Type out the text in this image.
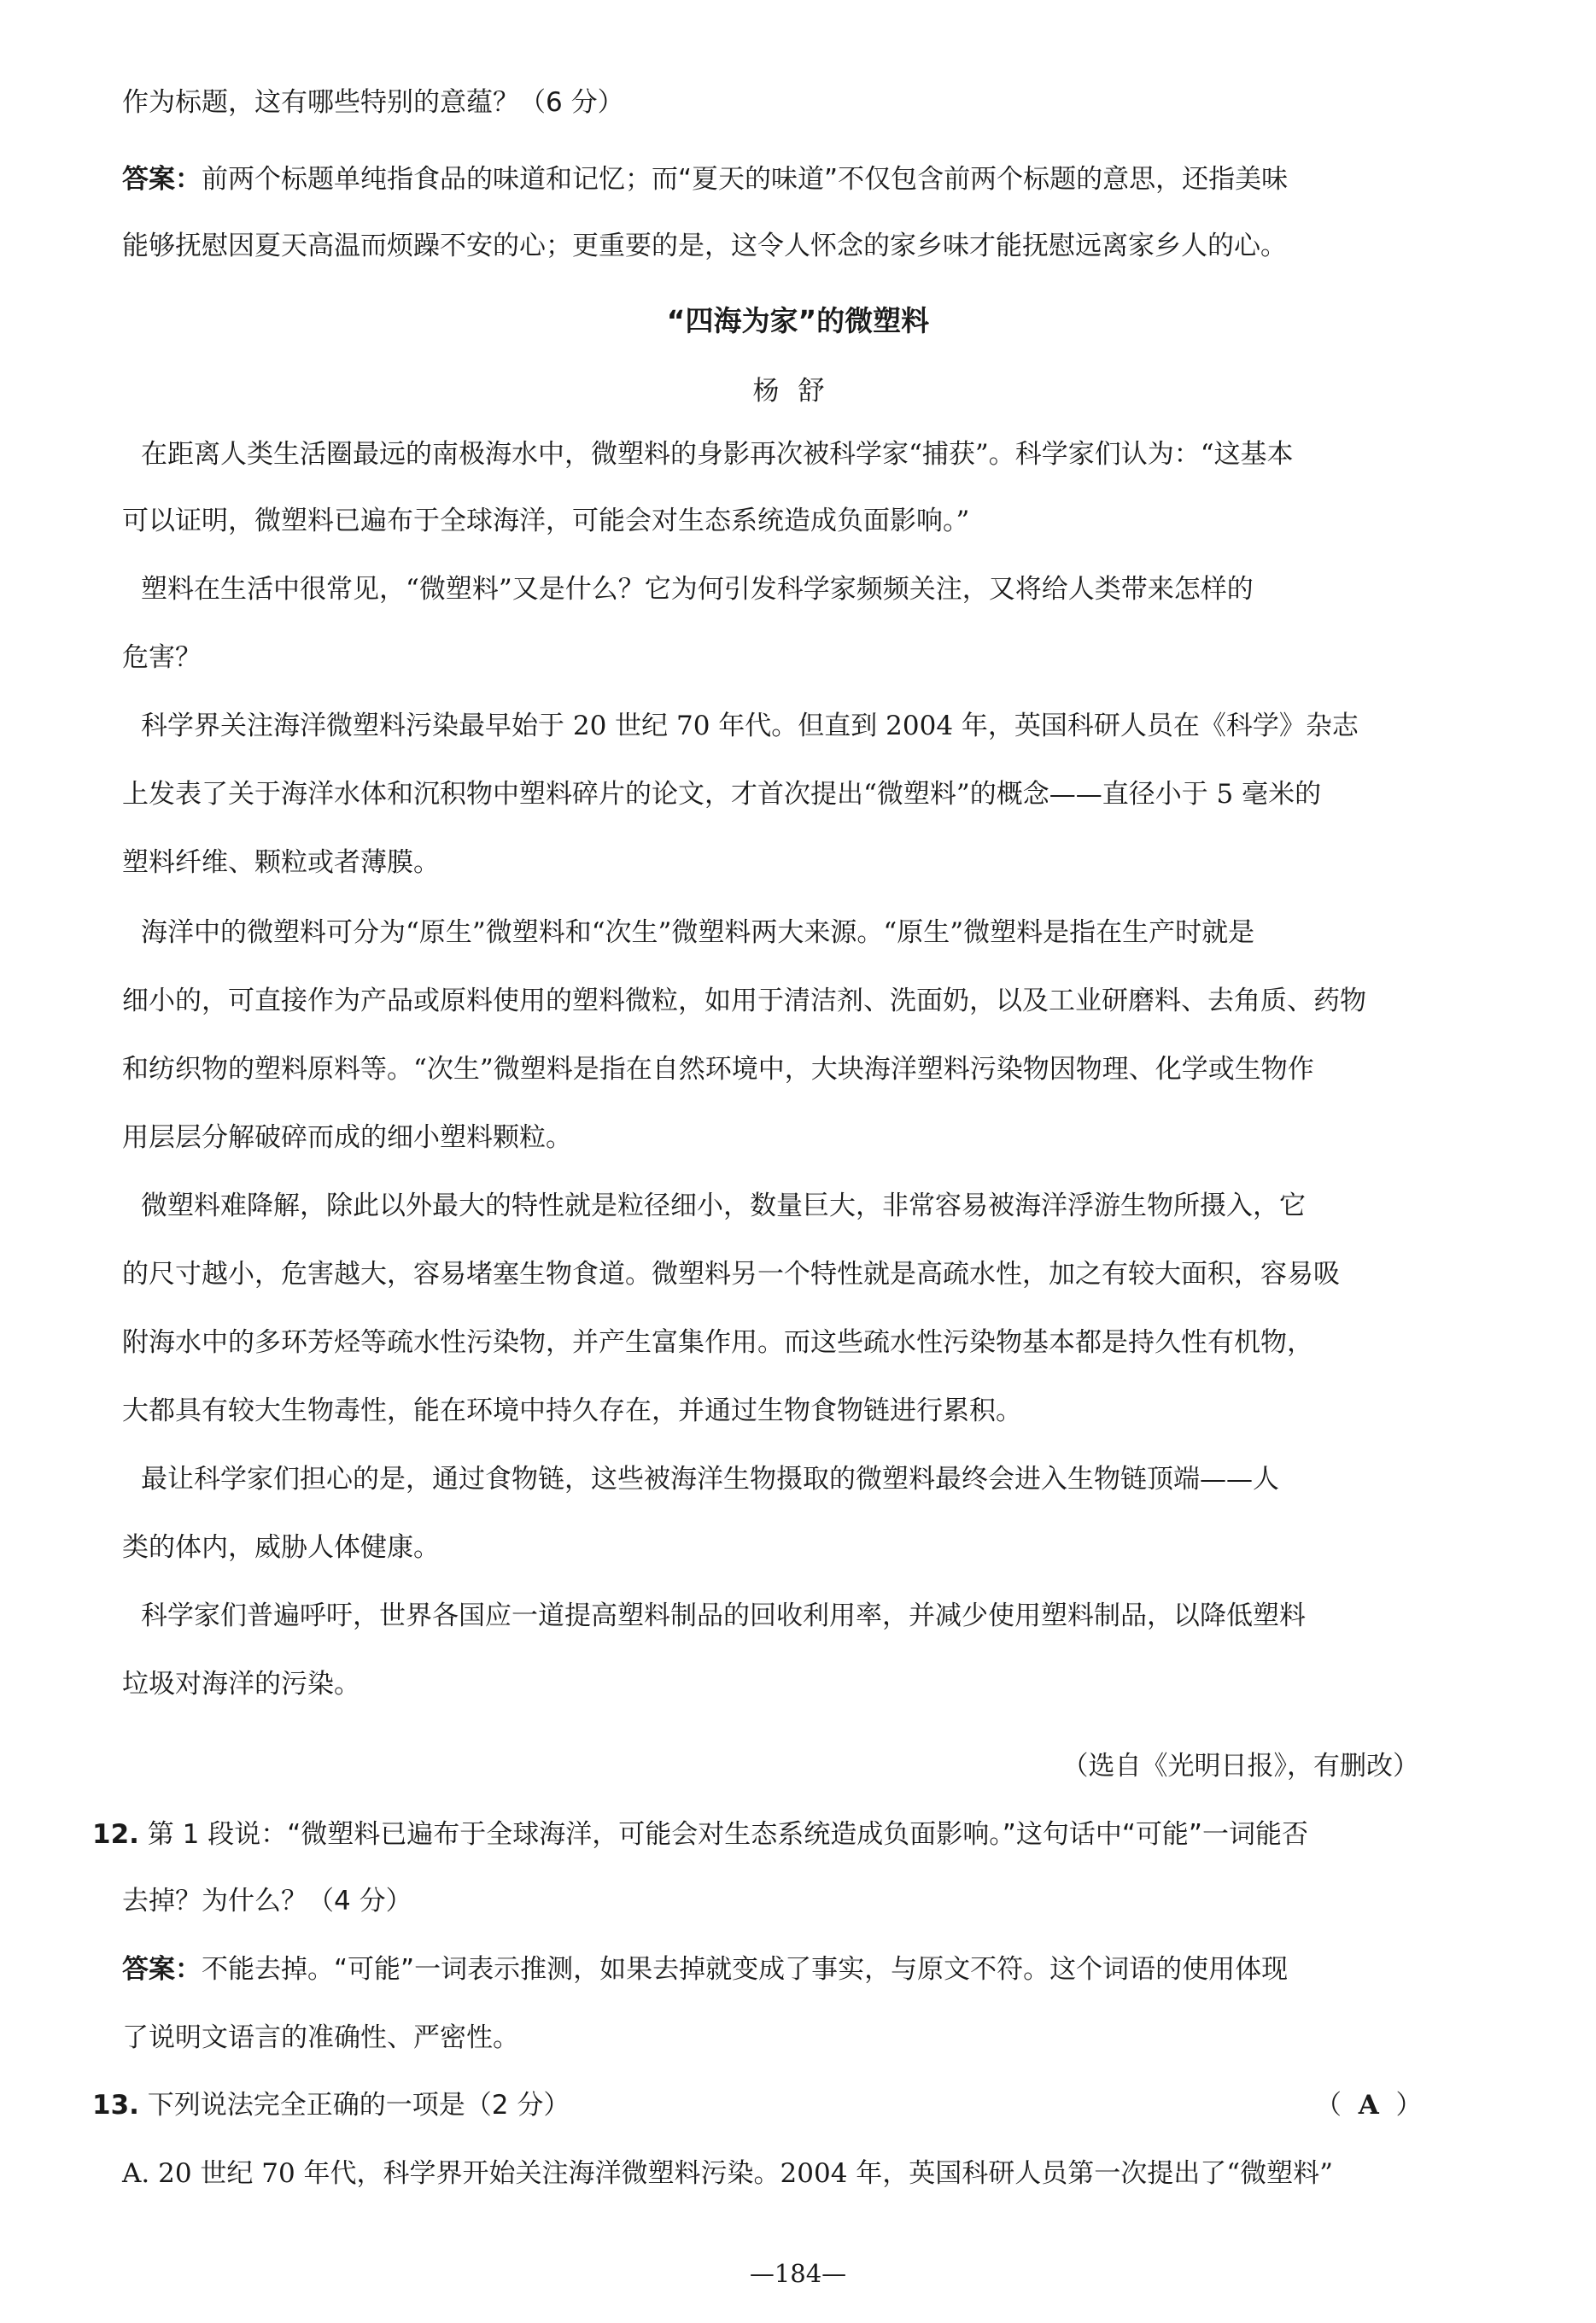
作为标题，这有哪些特别的意蕴？（6 分）
答案：前两个标题单纯指食品的味道和记忆；而“夏天的味道”不仅包含前两个标题的意思，还指美味
能够抚慰因夏天高温而烦躁不安的心；更重要的是，这令人怀念的家乡味才能抚慰远离家乡人的心。
“四海为家”的微塑料
杨舒
在距离人类生活圈最远的南极海水中，微塑料的身影再次被科学家“捕获”。科学家们认为：“这基本
可以证明，微塑料已遍布于全球海洋，可能会对生态系统造成负面影响。”
塑料在生活中很常见，“微塑料”又是什么？它为何引发科学家频频关注，又将给人类带来怎样的
危害？
科学界关注海洋微塑料污染最早始于 20 世纪 70 年代。但直到 2004 年，英国科研人员在《科学》杂志
上发表了关于海洋水体和沉积物中塑料碎片的论文，才首次提出“微塑料”的概念——直径小于 5 毫米的
塑料纤维、颗粒或者薄膜。
海洋中的微塑料可分为“原生”微塑料和“次生”微塑料两大来源。“原生”微塑料是指在生产时就是
细小的，可直接作为产品或原料使用的塑料微粒，如用于清洁剂、洗面奶，以及工业研磨料、去角质、药物
和纺织物的塑料原料等。“次生”微塑料是指在自然环境中，大块海洋塑料污染物因物理、化学或生物作
用层层分解破碎而成的细小塑料颗粒。
微塑料难降解，除此以外最大的特性就是粒径细小，数量巨大，非常容易被海洋浮游生物所摄入，它
的尺寸越小，危害越大，容易堵塞生物食道。微塑料另一个特性就是高疏水性，加之有较大面积，容易吸
附海水中的多环芳烃等疏水性污染物，并产生富集作用。而这些疏水性污染物基本都是持久性有机物，
大都具有较大生物毒性，能在环境中持久存在，并通过生物食物链进行累积。
最让科学家们担心的是，通过食物链，这些被海洋生物摄取的微塑料最终会进入生物链顶端——人
类的体内，威胁人体健康。
科学家们普遍呼吁，世界各国应一道提高塑料制品的回收利用率，并减少使用塑料制品，以降低塑料
垃圾对海洋的污染。
（选自《光明日报》，有删改）
12. 第 1 段说：“微塑料已遍布于全球海洋，可能会对生态系统造成负面影响。”这句话中“可能”一词能否
去掉？为什么？（4 分）
答案：不能去掉。“可能”一词表示推测，如果去掉就变成了事实，与原文不符。这个词语的使用体现
了说明文语言的准确性、严密性。
13. 下列说法完全正确的一项是（2 分）	（ A ）
A. 20 世纪 70 年代，科学界开始关注海洋微塑料污染。2004 年，英国科研人员第一次提出了“微塑料”
—184—
